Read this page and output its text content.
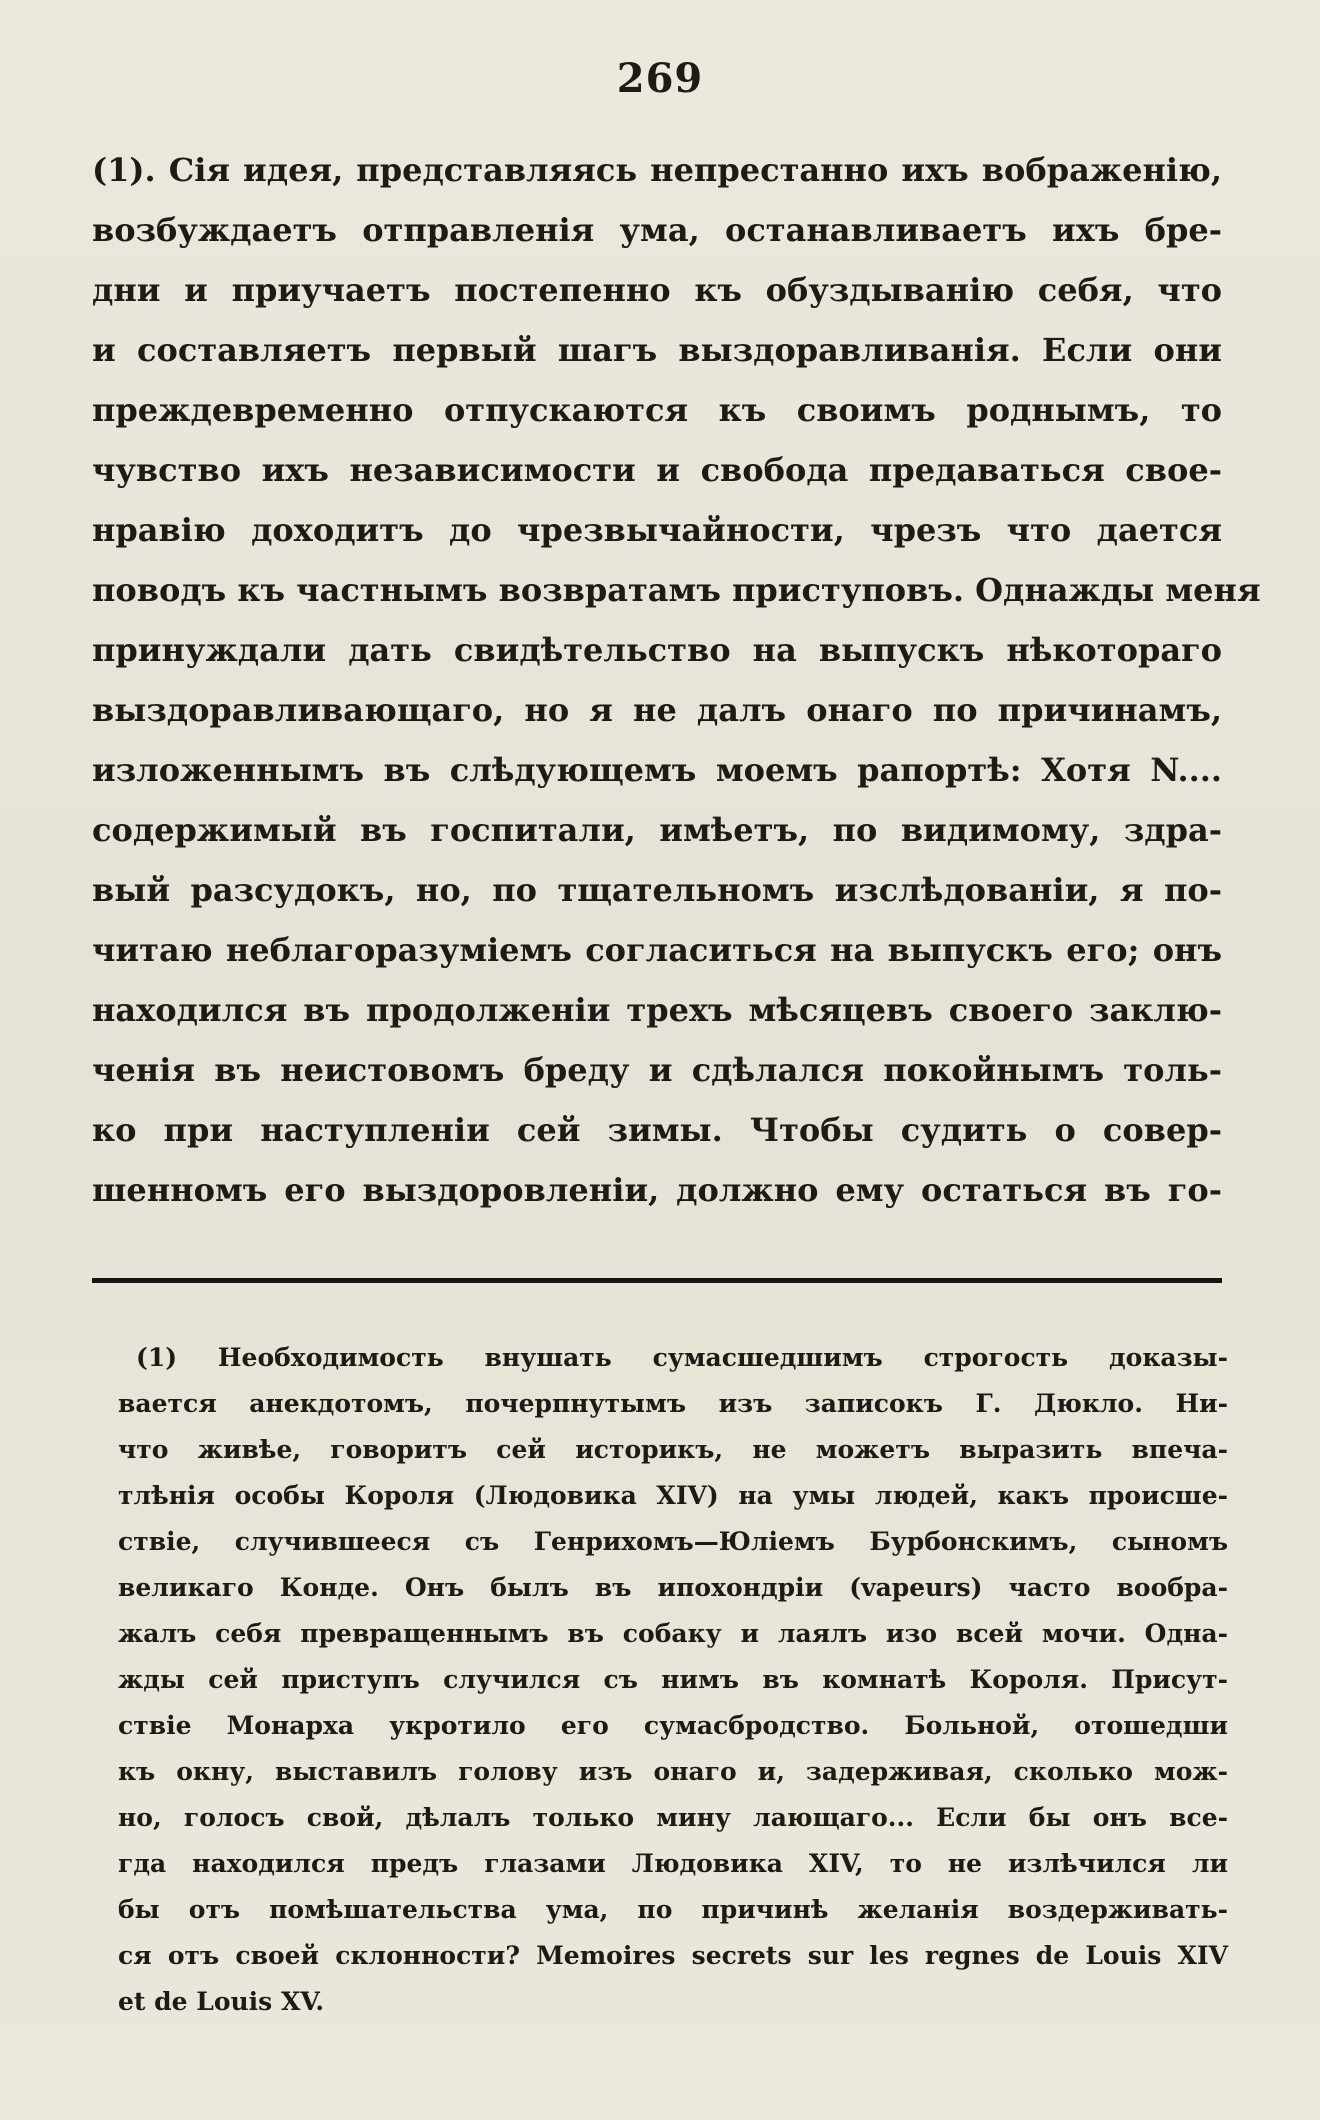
269
(1). Сія идея, представляясь непрестанно ихъ вображенію,
возбуждаетъ отправленія ума, останавливаетъ ихъ бре-
дни и приучаетъ постепенно къ обуздыванію себя, что
и составляетъ первый шагъ выздоравливанія. Если они
преждевременно отпускаются къ своимъ роднымъ, то
чувство ихъ независимости и свобода предаваться свое-
нравію доходитъ до чрезвычайности, чрезъ что дается
поводъ къ частнымъ возвратамъ приступовъ. Однажды меня
принуждали дать свидѣтельство на выпускъ нѣкотораго
выздоравливающаго, но я не далъ онаго по причинамъ,
изложеннымъ въ слѣдующемъ моемъ рапортѣ: Хотя N....
содержимый въ госпитали, имѣетъ, по видимому, здра-
вый разсудокъ, но, по тщательномъ изслѣдованіи, я по-
читаю неблагоразуміемъ согласиться на выпускъ его; онъ
находился въ продолженіи трехъ мѣсяцевъ своего заклю-
ченія въ неистовомъ бреду и сдѣлался покойнымъ толь-
ко при наступленіи сей зимы. Чтобы судить о совер-
шенномъ его выздоровленіи, должно ему остаться въ го-
(1) Необходимость внушать сумасшедшимъ строгость доказы-
вается анекдотомъ, почерпнутымъ изъ записокъ Г. Дюкло. Ни-
что живѣе, говоритъ сей историкъ, не можетъ выразить впеча-
тлѣнія особы Короля (Людовика XIV) на умы людей, какъ происше-
ствіе, случившееся съ Генрихомъ—Юліемъ Бурбонскимъ, сыномъ
великаго Конде. Онъ былъ въ ипохондріи (vapeurs) часто вообра-
жалъ себя превращеннымъ въ собаку и лаялъ изо всей мочи. Одна-
жды сей приступъ случился съ нимъ въ комнатѣ Короля. Присут-
ствіе Монарха укротило его сумасбродство. Больной, отошедши
къ окну, выставилъ голову изъ онаго и, задерживая, сколько мож-
но, голосъ свой, дѣлалъ только мину лающаго... Если бы онъ все-
гда находился предъ глазами Людовика XIV, то не излѣчился ли
бы отъ помѣшательства ума, по причинѣ желанія воздерживать-
ся отъ своей склонности? Memoires secrets sur les regnes de Louis XIV
et de Louis XV.
